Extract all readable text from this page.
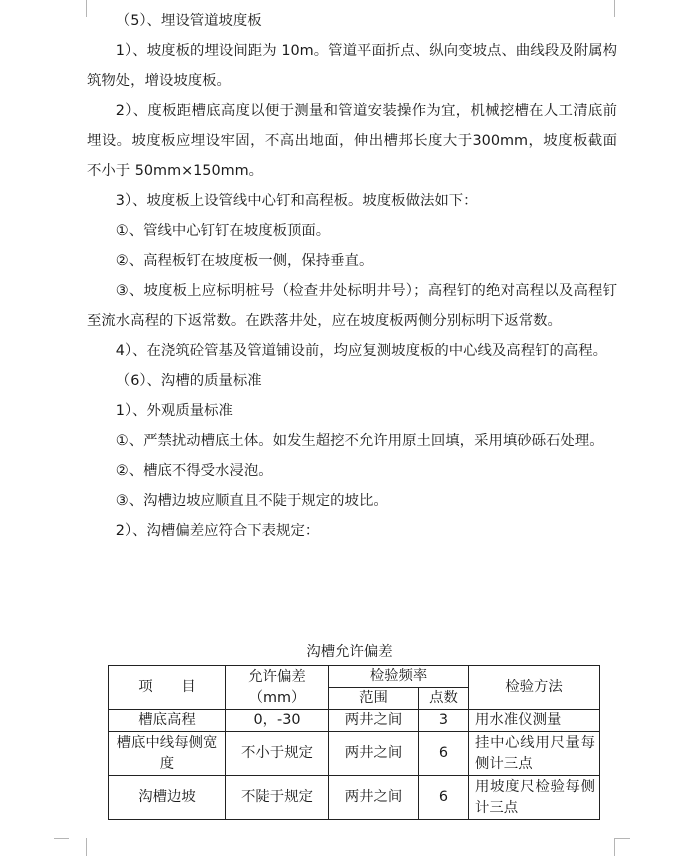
（5）、埋设管道坡度板

1）、坡度板的埋设间距为 10m。管道平面折点、纵向变坡点、曲线段及附属构筑物处，增设坡度板。

2）、度板距槽底高度以便于测量和管道安装操作为宜，机械挖槽在人工清底前埋设。坡度板应埋设牢固，不高出地面，伸出槽邦长度大于300mm，坡度板截面不小于 50mm×150mm。

3）、坡度板上设管线中心钉和高程板。坡度板做法如下：

①、管线中心钉钉在坡度板顶面。

②、高程板钉在坡度板一侧，保持垂直。

③、坡度板上应标明桩号（检查井处标明井号）；高程钉的绝对高程以及高程钉至流水高程的下返常数。在跌落井处，应在坡度板两侧分别标明下返常数。

4）、在浇筑砼管基及管道铺设前，均应复测坡度板的中心线及高程钉的高程。

（6）、沟槽的质量标准

1）、外观质量标准

①、严禁扰动槽底土体。如发生超挖不允许用原土回填，采用填砂砾石处理。

②、槽底不得受水浸泡。

③、沟槽边坡应顺直且不陡于规定的坡比。

2）、沟槽偏差应符合下表规定：

沟槽允许偏差
项　　目	允许偏差（mm）	检验频率		检验方法
		范围	点数	
槽底高程	0，-30	两井之间	3	用水准仪测量
槽底中线每侧宽度	不小于规定	两井之间	6	挂中心线用尺量每侧计三点
沟槽边坡	不陡于规定	两井之间	6	用坡度尺检验每侧计三点
